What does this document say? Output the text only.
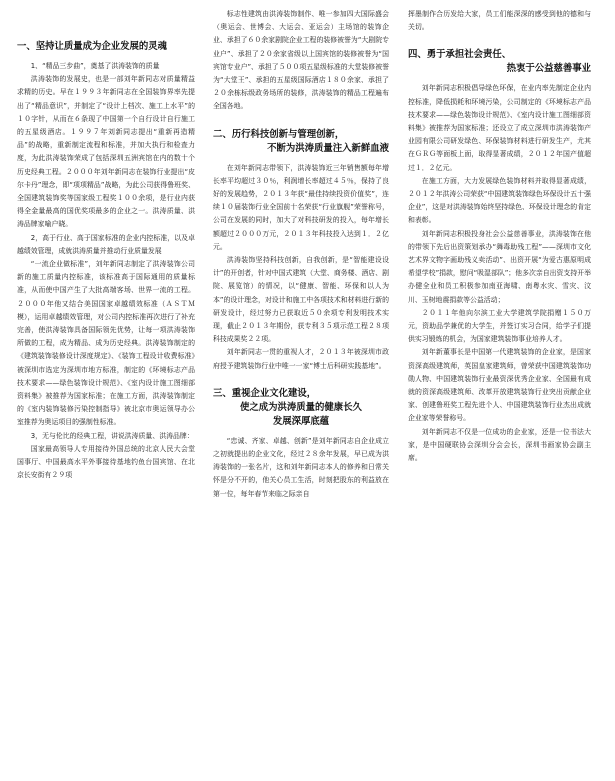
一、坚持让质量成为企业发展的灵魂

1、“精品三步曲”，奠基了洪涛装饰的质量

洪涛装饰的发展史，也是一部刘年新同志对质量精益求精的历史。早在１９９３年新同志在全国装饰界率先提出了“精品意识”，并制定了“设计上档次、施工上水平”的１０字针，从而在６条现了中国第一个自行设计自行施工的五星级酒店。１９９７年刘新同志提出“重新再造精品”的战略，重新制定流程和标准，并加大执行和检查力度，为此洪涛装饰荣成了包括深圳五洲宾馆在内的数十个历史经典工程。２０００年刘年新同志在装饰行业提出“皮尔卡丹”理念，即“项项精品”战略，为此公司获得鲁班奖、全国建筑装饰奖等国家级工程奖１００余项，是行业内获得全金量最高的国优奖项最多的企业之一。洪涛质量、洪涛品牌家喻户晓。

2，高于行业、高于国家标准的企业内控标准，以及卓越绩效管理，成就洪涛质量并推动行业质量发展

“一流企业做标准”，刘年新同志制定了洪涛装饰公司新的施工质量内控标准，该标准高于国际通用的质量标准，从而使中国产生了大批高端客场、世界一流的工程。２０００年他又结合美国国家卓越绩效标准（ＡＳＴＭ模），运用卓越绩效管理，对公司内控标准再次进行了补充完善，使洪涛装饰具备国际领先优势，让每一项洪涛装饰所做的工程，成为精品、成为历史经典。洪涛装饰制定的《建筑装饰装修设计深度规定》、《装饰工程设计收费标准》被深圳市选定为深圳市地方标准，制定的《环境标志产品技术要求——绿色装饰设计规范》、《室内设计施工图细部资料集》被推荐为国家标准；在施工方面，洪涛装饰制定的《室内装饰装修污染控制指导》被北京市奥运领导办公室推荐为奥运项目的强制性标准。

3，无与伦比的经典工程，讲说洪涛质量、洪涛品牌：

国家最高领导人专用接待外国总统的北京人民大会堂国事厅、中国最高水平外事接待基地钓鱼台国宾馆、在北京长安街有２９项

标志性建筑由洪涛装饰制作、唯一参加四大国际盛会（奥运会、世博会、大运会、亚运会）主场馆的装饰企业、承担了６０余家剧院企业工程的装修被誉为“大剧院专业户”、承担了２０余家省级以上国宾馆的装修被誉为“国宾馆专业户”、承担了５００项五星级标准的大堂装修被誉为“大堂王”、承担的五星级国际酒店１８０余家、承担了２０余栋标级政务场所的装修，洪涛装饰的精品工程遍布全国各地。

二、历行科技创新与管理创新，
不断为洪涛质量注入新鲜血液

在刘年新同志带领下，洪涛装饰近三年销售额每年增长率平均超过３０％，利润增长率超过４５％，保持了良好的发展趋势，２０１３年获“最佳持续投资价值奖”，连续１０届装饰行业全国前十名荣获“行业旗舰”荣誉称号，公司在发展的同时，加大了对科技研发的投入，每年增长额超过２０００万元，２０１３年科技投入达到１．２亿元。

洪涛装饰坚持科技创新，自我创新，是“智能建设设计”的开创者，针对中国式建筑（大堂、商务楼、酒店、剧院、展览馆）的情况，以“健康、智能、环保和以人为本”的设计理念，对设计和施工中各项技术和材料进行新的研发设计，经过努力已获取近５０余项专利发明技术实现，截止２０１３年期份，获专利３５项示范工程２８项科技成果奖２２项。

刘年新同志一贯的重视人才，２０１３年被深圳市政府授予建筑装饰行业中唯一一家“博士后科研实践基地”。

三、重视企业文化建设，
使之成为洪涛质量的健康长久
发展深厚底蕴

“忠诚、齐家、卓越、创新”是刘年新同志自企业成立之初就提出的企业文化，经过２８余年发展，早已成为洪涛装饰的一张名片，这和刘年新同志本人的修养和日常关怀是分不开的，他关心员工生活，时刻把股东的利益放在第一位，每年春节来临之际亲自

挥墨制作合历发给大家，员工们能深深的感受到他的德和与关切。

四、勇于承担社会责任、
热衷于公益慈善事业

刘年新同志积极倡导绿色环保，在业内率先制定企业内控标准，降低损耗和环境污染，公司制定的《环境标志产品技术要求——绿色装饰设计规范》、《室内设计施工图细部资料集》被推荐为国家标准；还设立了成立深圳市洪涛装饰产业园有限公司研发绿色、环保装饰材料进行研发生产，尤其在ＧＲＧ等面板上面，取得显著成绩，２０１２年国产值超过１．２亿元。

在施工方面，大力发展绿色装饰材料并取得显著成绩，２０１２年洪涛公司荣获“中国建筑装饰绿色环保设计五十强企业”，这是对洪涛装饰始终坚持绿色、环保设计理念的肯定和表彰。

刘年新同志积极投身社会公益慈善事业，洪涛装饰在他的带领下先后出资策划承办“舞毒助残工程”——深圳市文化艺术界文物字画助残义卖活动”、出资开展“为爱古惠原明成希望学校”捐款，慰问“吸湿部队”；他多次亲自出资支持开举办健全业和员工积极参加南亚海啸、南粤水灾、雪灾、汶川、玉树地震捐款等公益活动；

２０１１年他向尔滨工业大学建筑学院捐赠１５０万元，资助品学兼优的大学生，并签订实习合同，给学子们提供实习锻炼的机会，为国家建筑装饰事业培养人才。

刘年新董事长是中国第一代建筑装饰的企业家，是国家资深高级建筑师，英国皇家建筑师，曾荣获中国建筑装饰功勋人物、中国建筑装饰行业最资深优秀企业家、全国最有成就的资深高级建筑师、改革开放建筑装饰行业突出贡献企业家、创建鲁班奖工程先进个人、中国建筑装饰行业杰出成就企业家等荣誉称号。

刘年新同志不仅是一位成功的企业家，还是一位书法大家，是中国硬联协会深圳分会会长，深圳书画家协会副主席。
